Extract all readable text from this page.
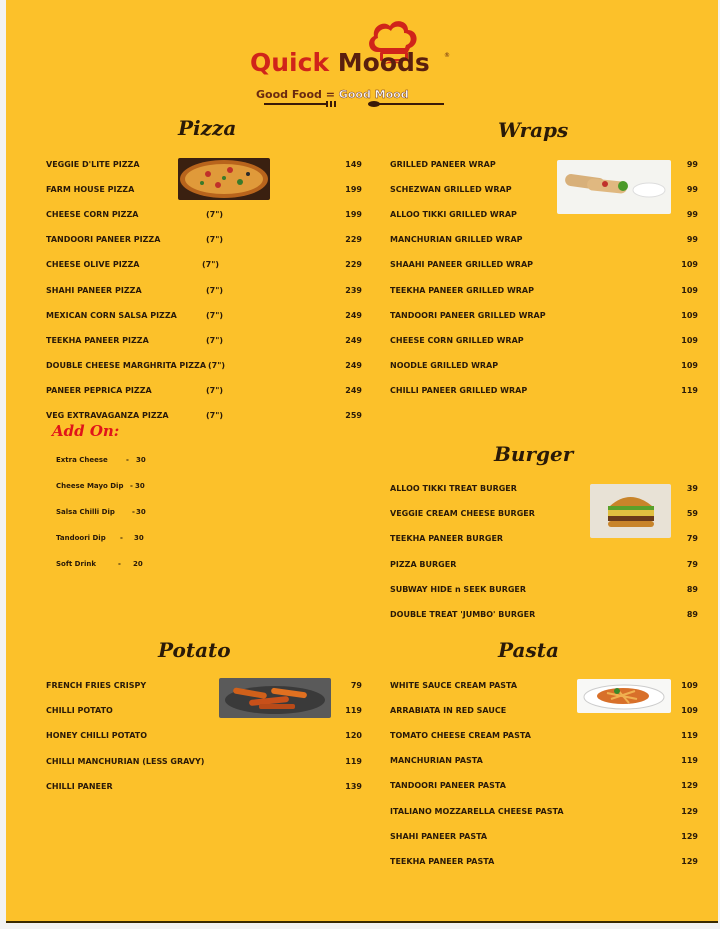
Quick Moods ®
Good Food = Good Mood
Pizza
VEGGIE D'LITE PIZZA	149
FARM HOUSE PIZZA	199
CHEESE CORN PIZZA	(7")	199
TANDOORI PANEER PIZZA	(7")	229
CHEESE OLIVE PIZZA	(7")	229
SHAHI PANEER PIZZA	(7")	239
MEXICAN CORN SALSA PIZZA	(7")	249
TEEKHA PANEER PIZZA	(7")	249
DOUBLE CHEESE MARGHRITA PIZZA (7")	249
PANEER PEPRICA PIZZA	(7")	249
VEG EXTRAVAGANZA PIZZA	(7")	259
Add On:
Extra Cheese	- 30
Cheese Mayo Dip - 30
Salsa Chilli Dip - 30
Tandoori Dip - 30
Soft Drink	- 20
Wraps
GRILLED PANEER WRAP	99
SCHEZWAN GRILLED WRAP	99
ALLOO TIKKI GRILLED WRAP	99
MANCHURIAN GRILLED WRAP	99
SHAAHI PANEER GRILLED WRAP	109
TEEKHA PANEER GRILLED WRAP	109
TANDOORI PANEER GRILLED WRAP	109
CHEESE CORN GRILLED WRAP	109
NOODLE GRILLED WRAP	109
CHILLI PANEER GRILLED WRAP	119
Burger
ALLOO TIKKI TREAT BURGER	39
VEGGIE CREAM CHEESE BURGER	59
TEEKHA PANEER BURGER	79
PIZZA BURGER	79
SUBWAY HIDE n SEEK BURGER	89
DOUBLE TREAT 'JUMBO' BURGER	89
Potato
FRENCH FRIES CRISPY	79
CHILLI POTATO	119
HONEY CHILLI POTATO	120
CHILLI MANCHURIAN (LESS GRAVY)	119
CHILLI PANEER	139
Pasta
WHITE SAUCE CREAM PASTA	109
ARRABIATA IN RED SAUCE	109
TOMATO CHEESE CREAM PASTA	119
MANCHURIAN PASTA	119
TANDOORI PANEER PASTA	129
ITALIANO MOZZARELLA CHEESE PASTA	129
SHAHI PANEER PASTA	129
TEEKHA PANEER PASTA	129
